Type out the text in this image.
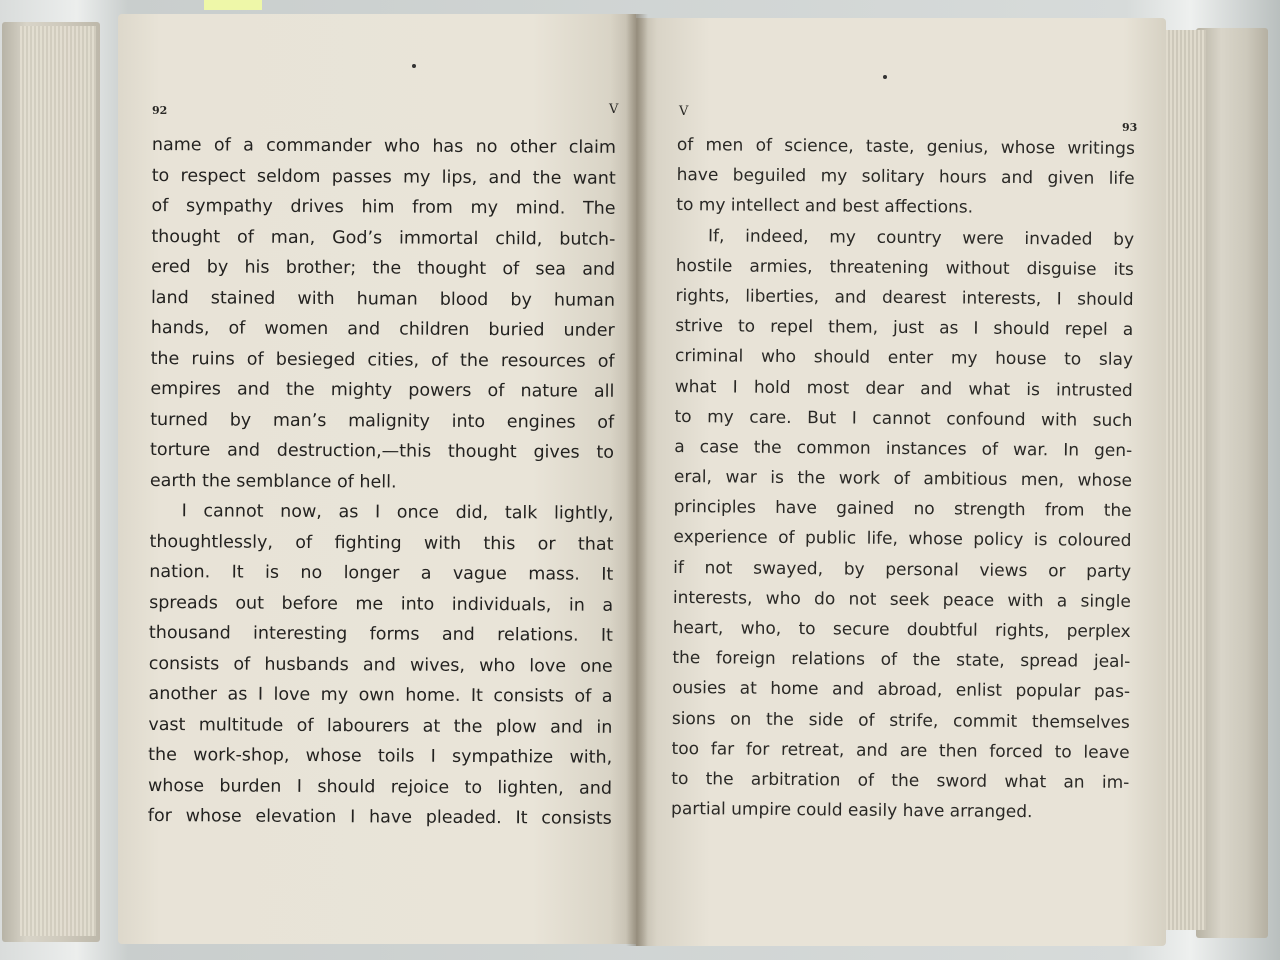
92	V	V
93
name of a commander who has no other claim
to respect seldom passes my lips, and the want
of sympathy drives him from my mind. The
thought of man, God’s immortal child, butch-
ered by his brother; the thought of sea and
land stained with human blood by human
hands, of women and children buried under
the ruins of besieged cities, of the resources of
empires and the mighty powers of nature all
turned by man’s malignity into engines of
torture and destruction,—this thought gives to
earth the semblance of hell.
I cannot now, as I once did, talk lightly,
thoughtlessly, of fighting with this or that
nation. It is no longer a vague mass. It
spreads out before me into individuals, in a
thousand interesting forms and relations. It
consists of husbands and wives, who love one
another as I love my own home. It consists of a
vast multitude of labourers at the plow and in
the work-shop, whose toils I sympathize with,
whose burden I should rejoice to lighten, and
for whose elevation I have pleaded. It consists
of men of science, taste, genius, whose writings
have beguiled my solitary hours and given life
to my intellect and best affections.
If, indeed, my country were invaded by
hostile armies, threatening without disguise its
rights, liberties, and dearest interests, I should
strive to repel them, just as I should repel a
criminal who should enter my house to slay
what I hold most dear and what is intrusted
to my care. But I cannot confound with such
a case the common instances of war. In gen-
eral, war is the work of ambitious men, whose
principles have gained no strength from the
experience of public life, whose policy is coloured
if not swayed, by personal views or party
interests, who do not seek peace with a single
heart, who, to secure doubtful rights, perplex
the foreign relations of the state, spread jeal-
ousies at home and abroad, enlist popular pas-
sions on the side of strife, commit themselves
too far for retreat, and are then forced to leave
to the arbitration of the sword what an im-
partial umpire could easily have arranged.
